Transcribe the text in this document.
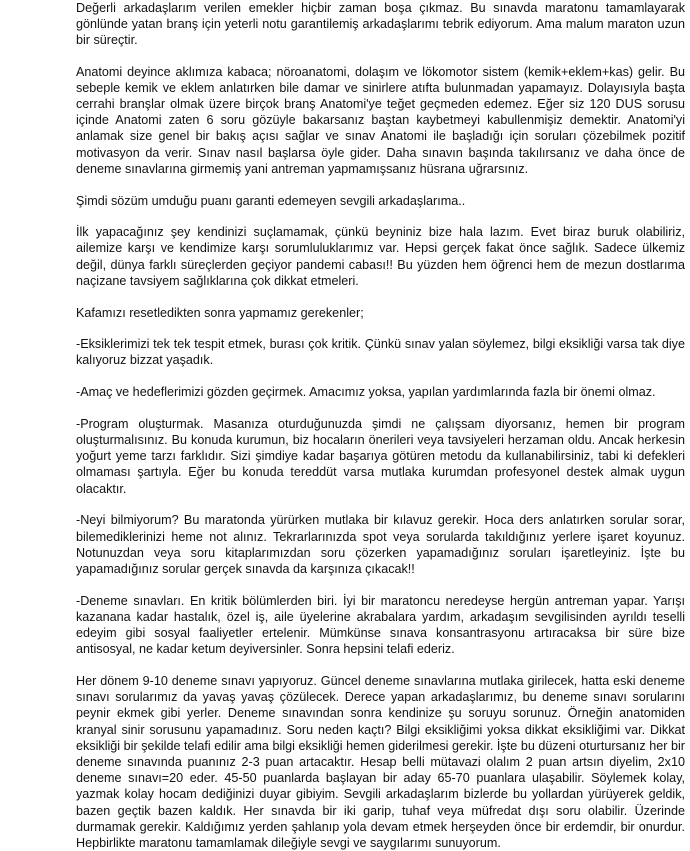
Değerli arkadaşlarım verilen emekler hiçbir zaman boşa çıkmaz. Bu sınavda maratonu tamamlayarak gönlünde yatan branş için yeterli notu garantilemiş arkadaşlarımı tebrik ediyorum. Ama malum maraton uzun bir süreçtir.

Anatomi deyince aklımıza kabaca; nöroanatomi, dolaşım ve lökomotor sistem (kemik+eklem+kas) gelir. Bu sebeple kemik ve eklem anlatırken bile damar ve sinirlere atıfta bulunmadan yapamayız. Dolayısıyla başta cerrahi branşlar olmak üzere birçok branş Anatomi'ye teğet geçmeden edemez. Eğer siz 120 DUS sorusu içinde Anatomi zaten 6 soru gözüyle bakarsanız baştan kaybetmeyi kabullenmişiz demektir. Anatomi'yi anlamak size genel bir bakış açısı sağlar ve sınav Anatomi ile başladığı için soruları çözebilmek pozitif motivasyon da verir. Sınav nasıl başlarsa öyle gider. Daha sınavın başında takılırsanız ve daha önce de deneme sınavlarına girmemiş yani antreman yapmamışsanız hüsrana uğrarsınız.

Şimdi sözüm umduğu puanı garanti edemeyen sevgili arkadaşlarıma..

İlk yapacağınız şey kendinizi suçlamamak, çünkü beyniniz bize hala lazım. Evet biraz buruk olabiliriz, ailemize karşı ve kendimize karşı sorumluluklarımız var. Hepsi gerçek fakat önce sağlık. Sadece ülkemiz değil, dünya farklı süreçlerden geçiyor pandemi cabası!! Bu yüzden hem öğrenci hem de mezun dostlarıma naçizane tavsiyem sağlıklarına çok dikkat etmeleri.

Kafamızı resetledikten sonra yapmamız gerekenler;

-Eksiklerimizi tek tek tespit etmek, burası çok kritik. Çünkü sınav yalan söylemez, bilgi eksikliği varsa tak diye kalıyoruz bizzat yaşadık.

-Amaç ve hedeflerimizi gözden geçirmek. Amacımız yoksa, yapılan yardımlarında fazla bir önemi olmaz.

-Program oluşturmak. Masanıza oturduğunuzda şimdi ne çalışsam diyorsanız, hemen bir program oluşturmalısınız. Bu konuda kurumun, biz hocaların önerileri veya tavsiyeleri herzaman oldu. Ancak herkesin yoğurt yeme tarzı farklıdır. Sizi şimdiye kadar başarıya götüren metodu da kullanabilirsiniz, tabi ki defekleri olmaması şartıyla. Eğer bu konuda tereddüt varsa mutlaka kurumdan profesyonel destek almak uygun olacaktır.

-Neyi bilmiyorum? Bu maratonda yürürken mutlaka bir kılavuz gerekir. Hoca ders anlatırken sorular sorar, bilemediklerinizi heme not alınız. Tekrarlarınızda spot veya sorularda takıldığınız yerlere işaret koyunuz. Notunuzdan veya soru kitaplarımızdan soru çözerken yapamadığınız soruları işaretleyiniz. İşte bu yapamadığınız sorular gerçek sınavda da karşınıza çıkacak!!

-Deneme sınavları. En kritik bölümlerden biri. İyi bir maratoncu neredeyse hergün antreman yapar. Yarışı kazanana kadar hastalık, özel iş, aile üyelerine akrabalara yardım, arkadaşım sevgilisinden ayrıldı teselli edeyim gibi sosyal faaliyetler ertelenir. Mümkünse sınava konsantrasyonu artıracaksa bir süre bize antisosyal, ne kadar ketum deyiversinler. Sonra hepsini telafi ederiz.

Her dönem 9-10 deneme sınavı yapıyoruz. Güncel deneme sınavlarına mutlaka girilecek, hatta eski deneme sınavı sorularımız da yavaş yavaş çözülecek. Derece yapan arkadaşlarımız, bu deneme sınavı sorularını peynir ekmek gibi yerler. Deneme sınavından sonra kendinize şu soruyu sorunuz. Örneğin anatomiden kranyal sinir sorusunu yapamadınız. Soru neden kaçtı? Bilgi eksikliğimi yoksa dikkat eksikliğimi var. Dikkat eksikliği bir şekilde telafi edilir ama bilgi eksikliği hemen giderilmesi gerekir. İşte bu düzeni oturtursanız her bir deneme sınavında puanınız 2-3 puan artacaktır. Hesap belli mütavazi olalım 2 puan artsın diyelim, 2x10 deneme sınavı=20 eder. 45-50 puanlarda başlayan bir aday 65-70 puanlara ulaşabilir. Söylemek kolay, yazmak kolay hocam dediğinizi duyar gibiyim. Sevgili arkadaşlarım bizlerde bu yollardan yürüyerek geldik, bazen geçtik bazen kaldık. Her sınavda bir iki garip, tuhaf veya müfredat dışı soru olabilir. Üzerinde durmamak gerekir. Kaldığımız yerden şahlanıp yola devam etmek herşeyden önce bir erdemdir, bir onurdur. Hepbirlikte maratonu tamamlamak dileğiyle sevgi ve saygılarımı sunuyorum.
